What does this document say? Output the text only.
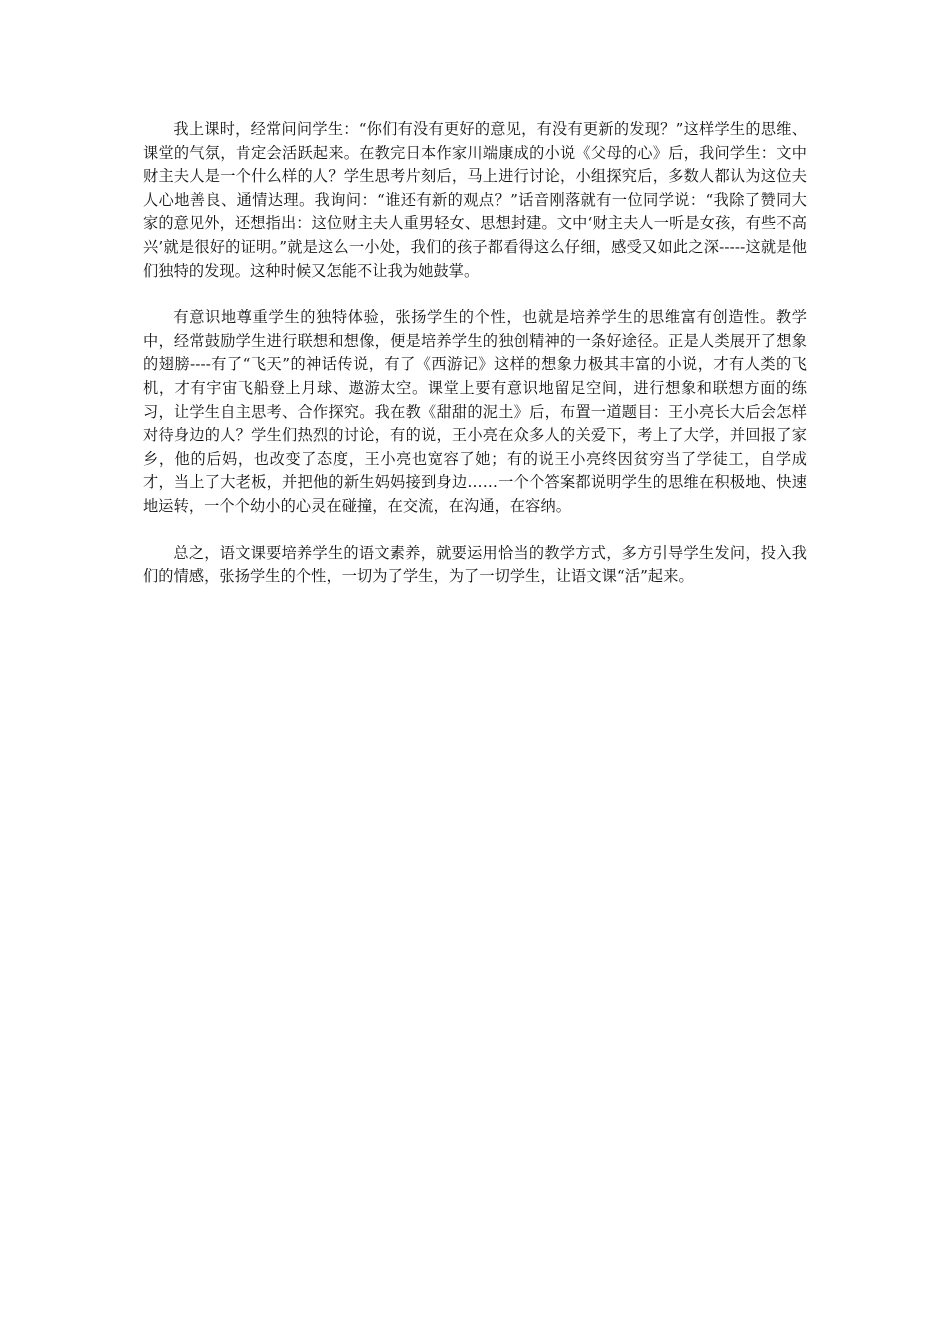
我上课时，经常问问学生：“你们有没有更好的意见，有没有更新的发现？”这样学生的思维、课堂的气氛，肯定会活跃起来。在教完日本作家川端康成的小说《父母的心》后，我问学生：文中财主夫人是一个什么样的人？学生思考片刻后，马上进行讨论，小组探究后，多数人都认为这位夫人心地善良、通情达理。我询问：“谁还有新的观点？”话音刚落就有一位同学说：“我除了赞同大家的意见外，还想指出：这位财主夫人重男轻女、思想封建。文中‘财主夫人一听是女孩，有些不高兴’就是很好的证明。”就是这么一小处，我们的孩子都看得这么仔细，感受又如此之深-----这就是他们独特的发现。这种时候又怎能不让我为她鼓掌。

有意识地尊重学生的独特体验，张扬学生的个性，也就是培养学生的思维富有创造性。教学中，经常鼓励学生进行联想和想像，便是培养学生的独创精神的一条好途径。正是人类展开了想象的翅膀----有了“飞天”的神话传说，有了《西游记》这样的想象力极其丰富的小说，才有人类的飞机，才有宇宙飞船登上月球、遨游太空。课堂上要有意识地留足空间，进行想象和联想方面的练习，让学生自主思考、合作探究。我在教《甜甜的泥土》后，布置一道题目：王小亮长大后会怎样对待身边的人？学生们热烈的讨论，有的说，王小亮在众多人的关爱下，考上了大学，并回报了家乡，他的后妈，也改变了态度，王小亮也宽容了她；有的说王小亮终因贫穷当了学徒工，自学成才，当上了大老板，并把他的新生妈妈接到身边……一个个答案都说明学生的思维在积极地、快速地运转，一个个幼小的心灵在碰撞，在交流，在沟通，在容纳。

总之，语文课要培养学生的语文素养，就要运用恰当的教学方式，多方引导学生发问，投入我们的情感，张扬学生的个性，一切为了学生，为了一切学生，让语文课“活”起来。
